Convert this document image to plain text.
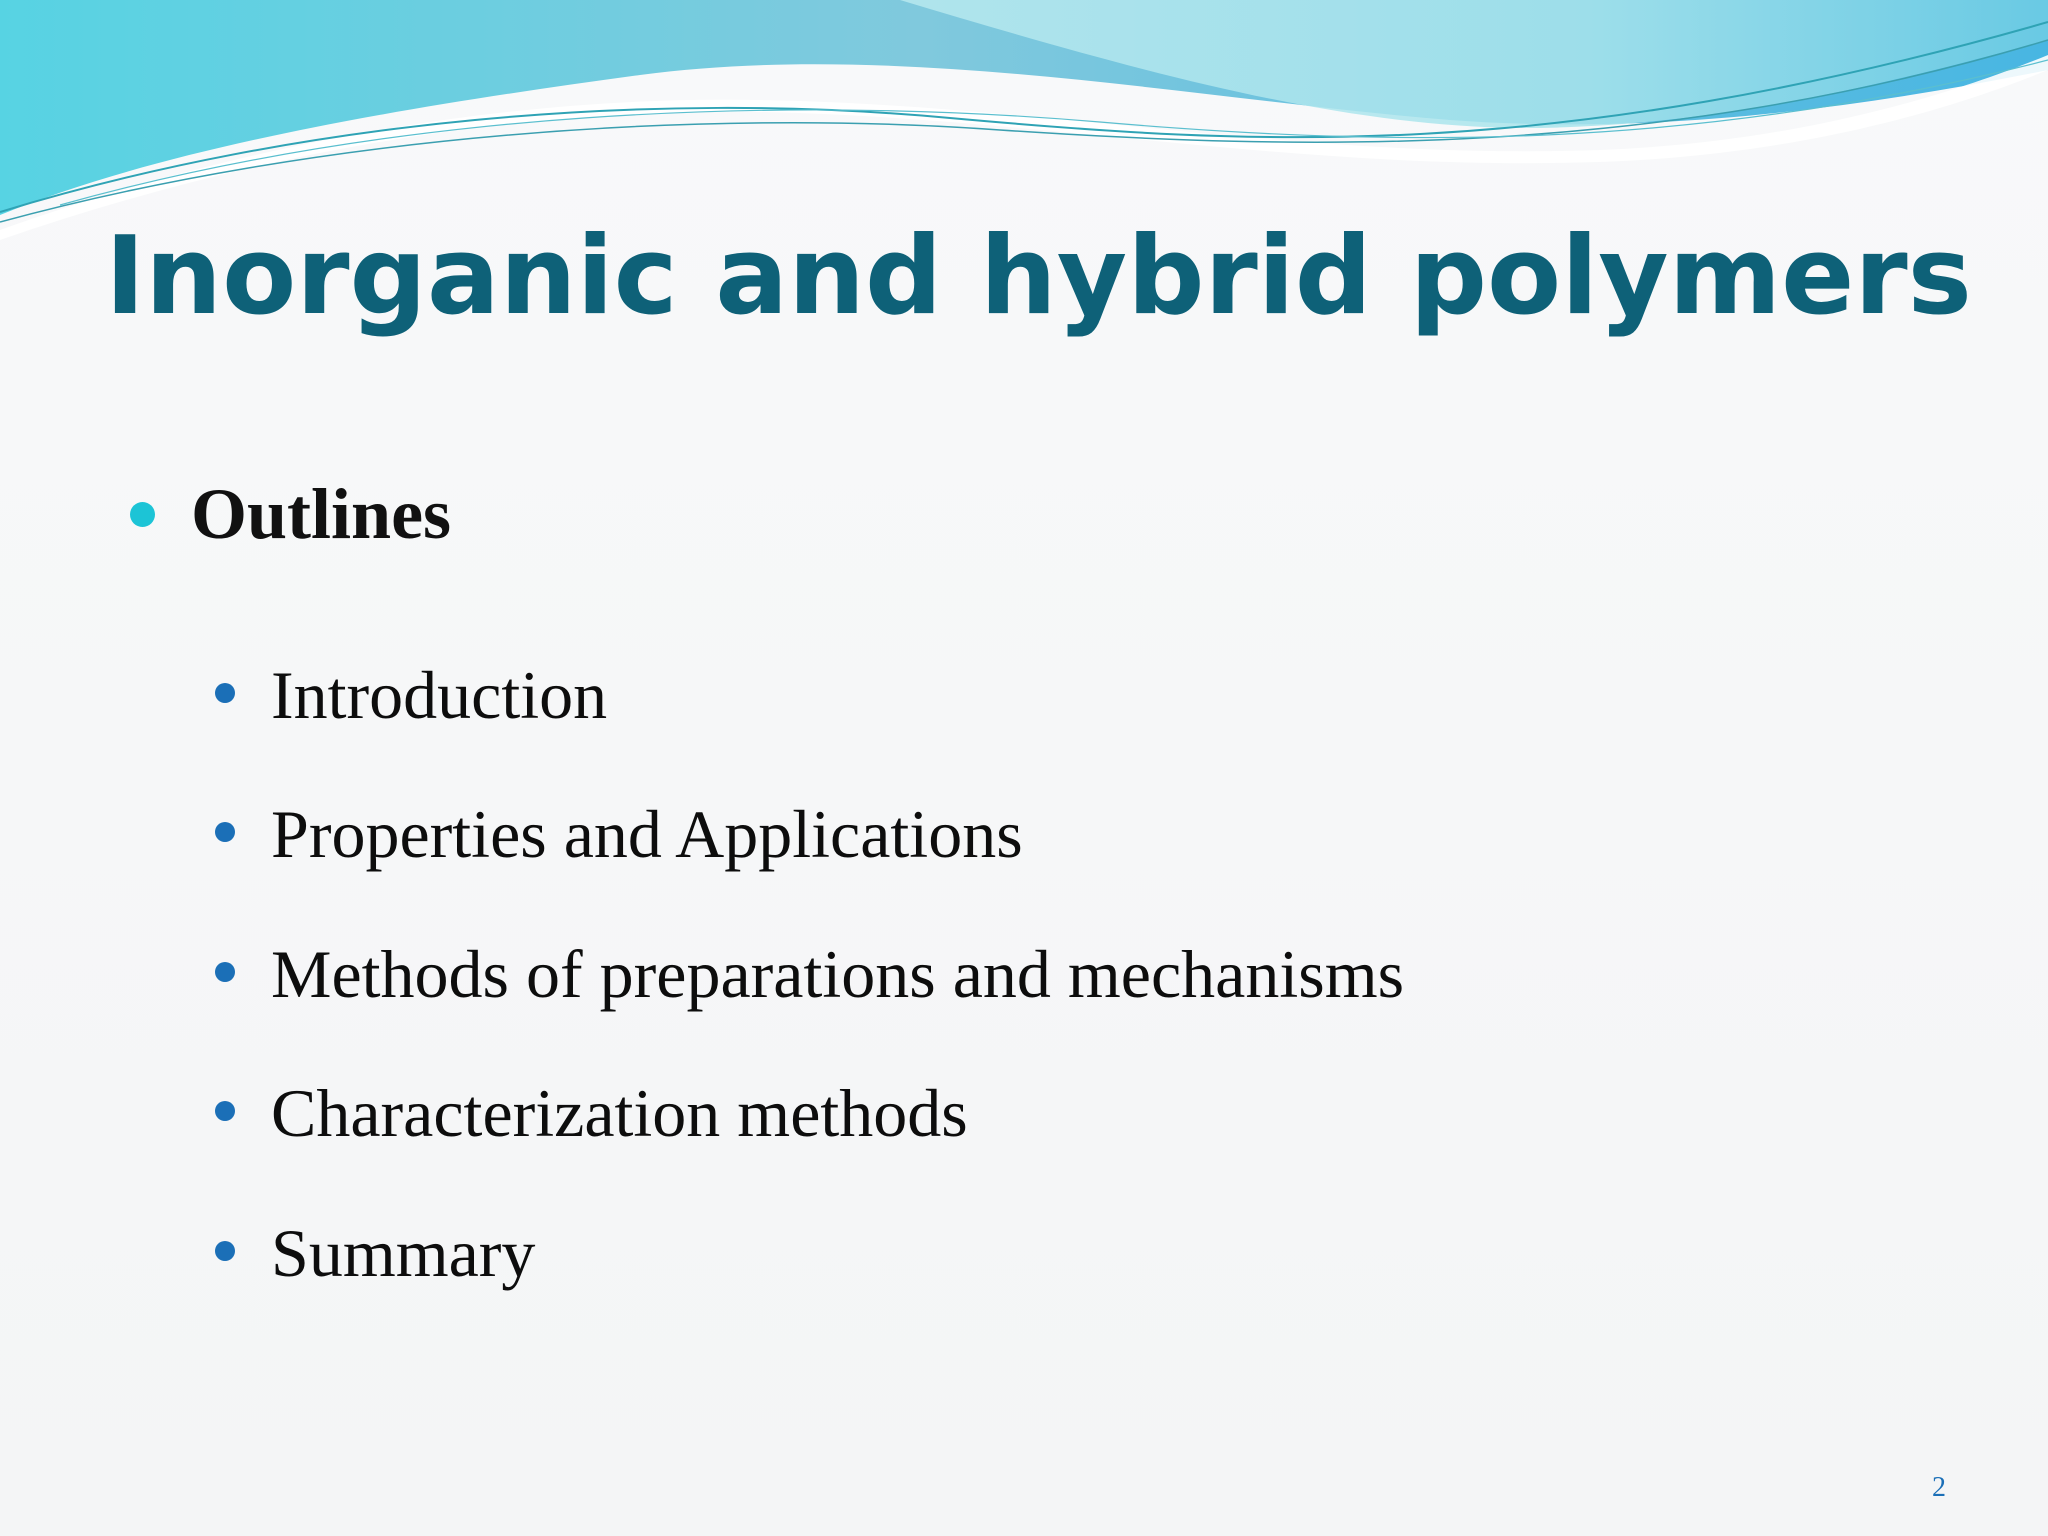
Inorganic and hybrid polymers
Outlines
Introduction
Properties and Applications
Methods of preparations and mechanisms
Characterization methods
Summary
2
